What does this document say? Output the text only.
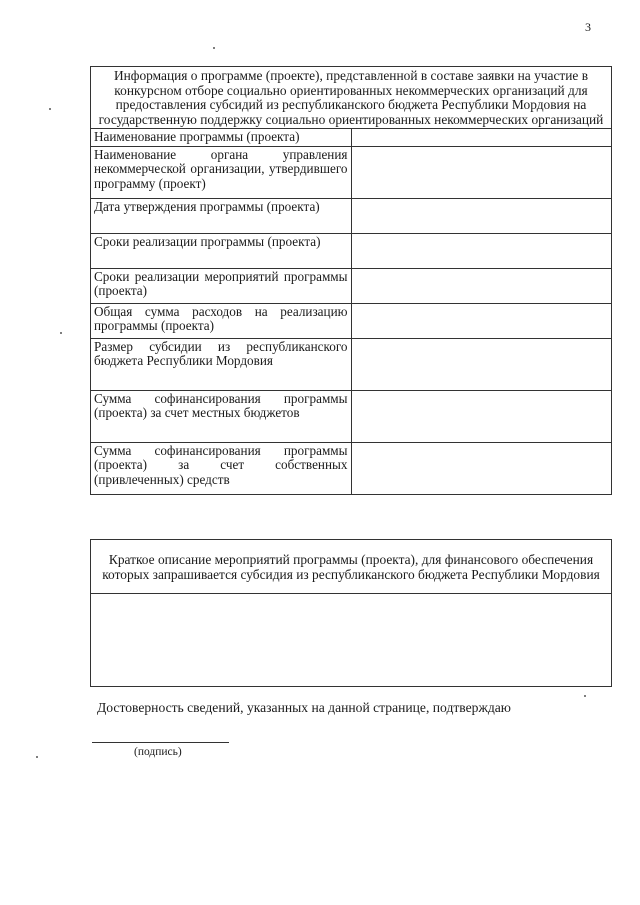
3
Информация о программе (проекте), представленной в составе заявки на участие в конкурсном отборе социально ориентированных некоммерческих организаций для предоставления субсидий из республиканского бюджета Республики Мордовия на государственную поддержку социально ориентированных некоммерческих организаций	
Наименование программы (проекта)	
Наименование органа управления некоммерческой организации, утвердившего программу (проект)	
Дата утверждения программы (проекта)	
Сроки реализации программы (проекта)	
Сроки реализации мероприятий программы (проекта)	
Общая сумма расходов на реализацию программы (проекта)	
Размер субсидии из республиканского бюджета Республики Мордовия	
Сумма софинансирования программы (проекта) за счет местных бюджетов	
Сумма софинансирования программы (проекта) за счет собственных (привлеченных) средств	
Краткое описание мероприятий программы (проекта), для финансового обеспечения которых запрашивается субсидия из республиканского бюджета Республики Мордовия

Достоверность сведений, указанных на данной странице, подтверждаю
(подпись)
